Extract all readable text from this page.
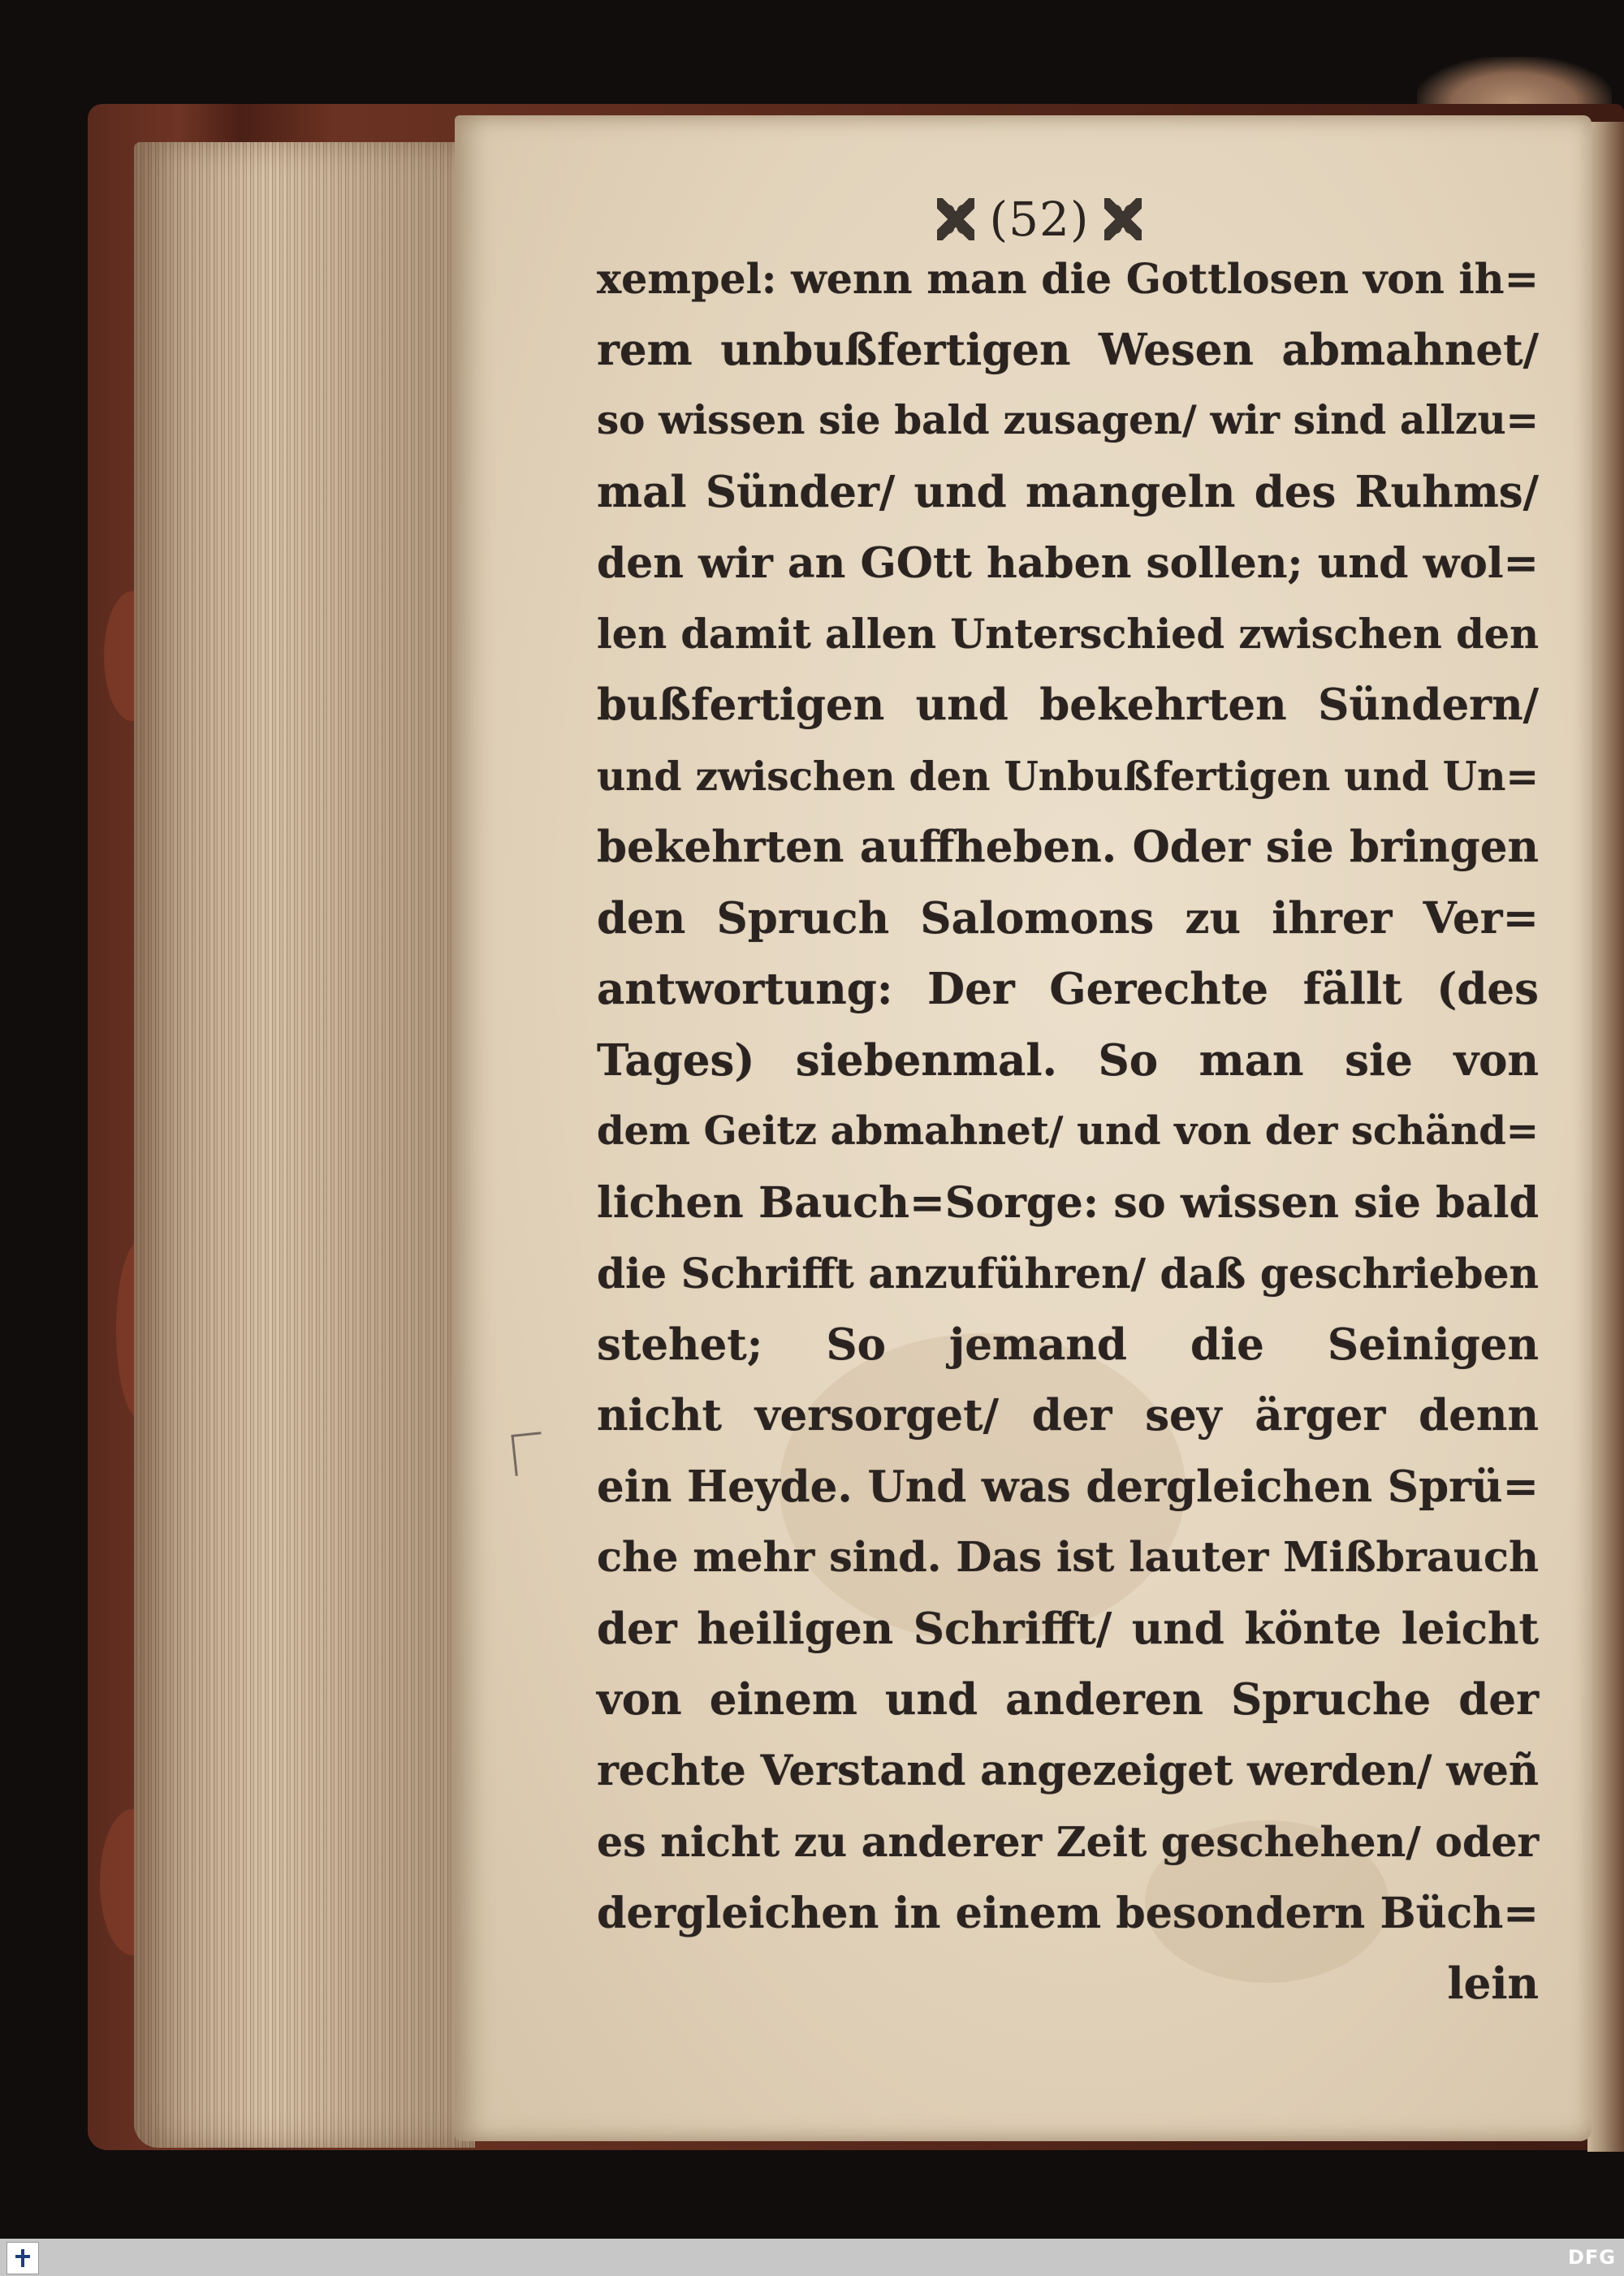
(52)
xempel: wenn man die Gottlosen von ih=
rem unbußfertigen Wesen abmahnet/
so wissen sie bald zusagen/ wir sind allzu=
mal Sünder/ und mangeln des Ruhms/
den wir an GOtt haben sollen; und wol=
len damit allen Unterschied zwischen den
bußfertigen und bekehrten Sündern/
und zwischen den Unbußfertigen und Un=
bekehrten auffheben. Oder sie bringen
den Spruch Salomons zu ihrer Ver=
antwortung: Der Gerechte fällt (des
Tages) siebenmal. So man sie von
dem Geitz abmahnet/ und von der schänd=
lichen Bauch=Sorge: so wissen sie bald
die Schrifft anzuführen/ daß geschrieben
stehet; So jemand die Seinigen
nicht versorget/ der sey ärger denn
ein Heyde. Und was dergleichen Sprü=
che mehr sind. Das ist lauter Mißbrauch
der heiligen Schrifft/ und könte leicht
von einem und anderen Spruche der
rechte Verstand angezeiget werden/ weñ
es nicht zu anderer Zeit geschehen/ oder
dergleichen in einem besondern Büch=
lein
DFG
